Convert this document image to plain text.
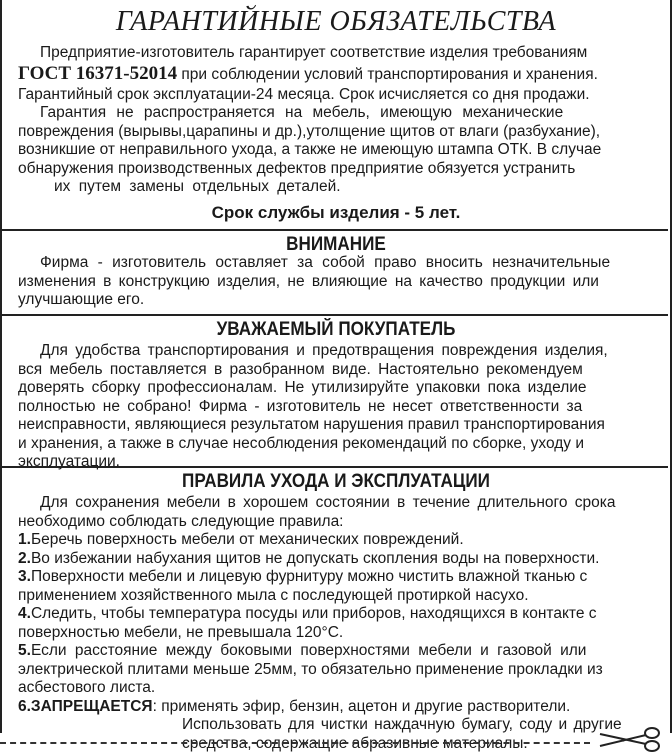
ГАРАНТИЙНЫЕ ОБЯЗАТЕЛЬСТВА
Предприятие-изготовитель гарантирует соответствие изделия требованиям
ГОСТ 16371-52014 при соблюдении условий транспортирования и хранения.
Гарантийный срок эксплуатации-24 месяца. Срок исчисляется со дня продажи.
Гарантия не распространяется на мебель, имеющую механические
повреждения (вырывы,царапины и др.),утолщение щитов от влаги (разбухание),
возникшие от неправильного ухода, а также не имеющую штампа ОТК. В случае
обнаружения производственных дефектов предприятие обязуется устранить
их путем замены отдельных деталей.
Срок службы изделия - 5 лет.
ВНИМАНИЕ
Фирма - изготовитель оставляет за собой право вносить незначительные
изменения в конструкцию изделия, не влияющие на качество продукции или
улучшающие его.
УВАЖАЕМЫЙ ПОКУПАТЕЛЬ
Для удобства транспортирования и предотвращения повреждения изделия,
вся мебель поставляется в разобранном виде. Настоятельно рекомендуем
доверять сборку профессионалам. Не утилизируйте упаковки пока изделие
полностью не собрано! Фирма - изготовитель не несет ответственности за
неисправности, являющиеся результатом нарушения правил транспортирования
и хранения, а также в случае несоблюдения рекомендаций по сборке, уходу и
эксплуатации.
ПРАВИЛА УХОДА И ЭКСПЛУАТАЦИИ
Для сохранения мебели в хорошем состоянии в течение длительного срока
необходимо соблюдать следующие правила:
1.Беречь поверхность мебели от механических повреждений.
2.Во избежании набухания щитов не допускать скопления воды на поверхности.
3.Поверхности мебели и лицевую фурнитуру можно чистить влажной тканью с
применением хозяйственного мыла с последующей протиркой насухо.
4.Следить, чтобы температура посуды или приборов, находящихся в контакте с
поверхностью мебели, не превышала 120°С.
5.Если расстояние между боковыми поверхностями мебели и газовой или
электрической плитами меньше 25мм, то обязательно применение прокладки из
асбестового листа.
6.ЗАПРЕЩАЕТСЯ: применять эфир, бензин, ацетон и другие растворители.
Использовать для чистки наждачную бумагу, соду и другие
средства, содержащие абразивные материалы.
